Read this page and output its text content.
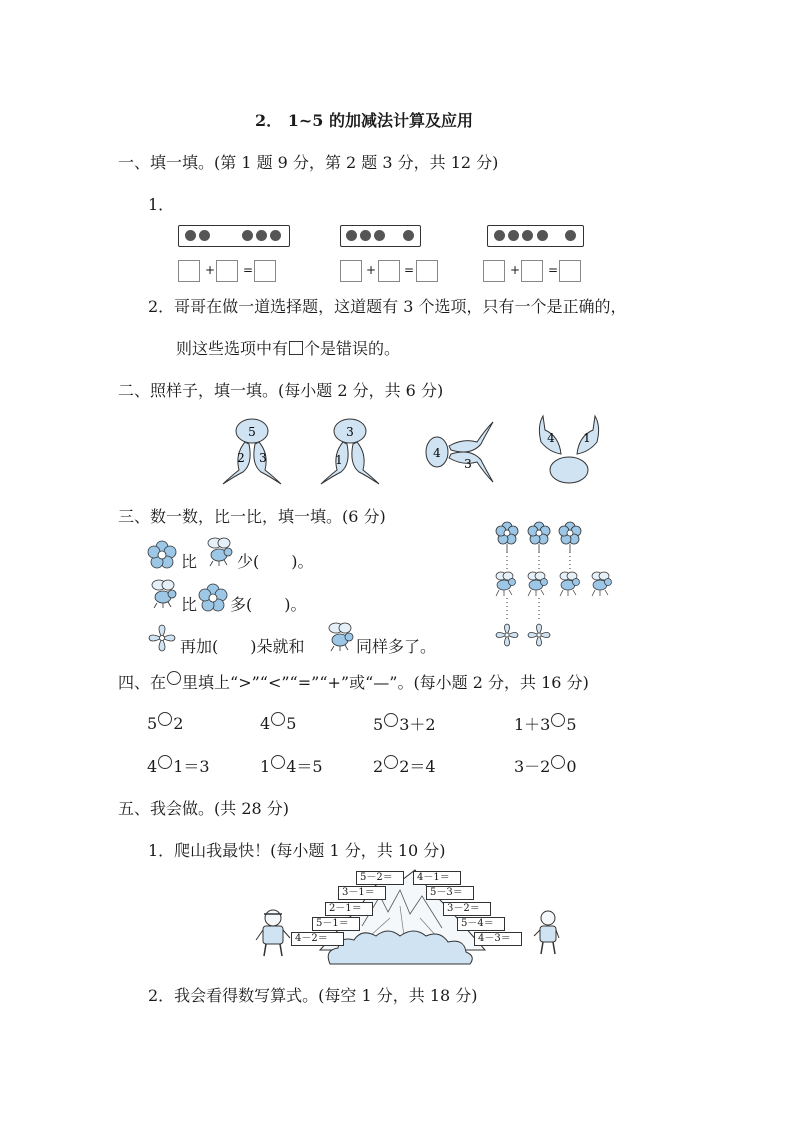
2． 1~5 的加减法计算及应用
一、填一填。(第 1 题 9 分，第 2 题 3 分，共 12 分)
1．
+ =	+ =	+ =
2．哥哥在做一道选择题，这道题有 3 个选项，只有一个是正确的，
则这些选项中有 个是错误的。
二、照样子，填一填。(每小题 2 分，共 6 分)
5
2 3
3
1	4
3
4 1
三、数一数，比一比，填一填。(6 分)
比 少(　　)。
比 多(　　)。
再加(　　)朵就和	同样多了。
四、在 里填上“>”“<”“=”“+”或“—”。(每小题 2 分，共 16 分)
5 2	4 5	5 3＋2	1＋3 5
4 1＝3	1 4＝5	2 2＝4	3－2 0
五、我会做。(共 28 分)
1．爬山我最快！(每小题 1 分，共 10 分)
5－2＝
3－1＝
2－1＝
5－1＝
4－2＝
4－1＝
5－3＝
3－2＝
5－4＝
4－3＝
2．我会看得数写算式。(每空 1 分，共 18 分)
